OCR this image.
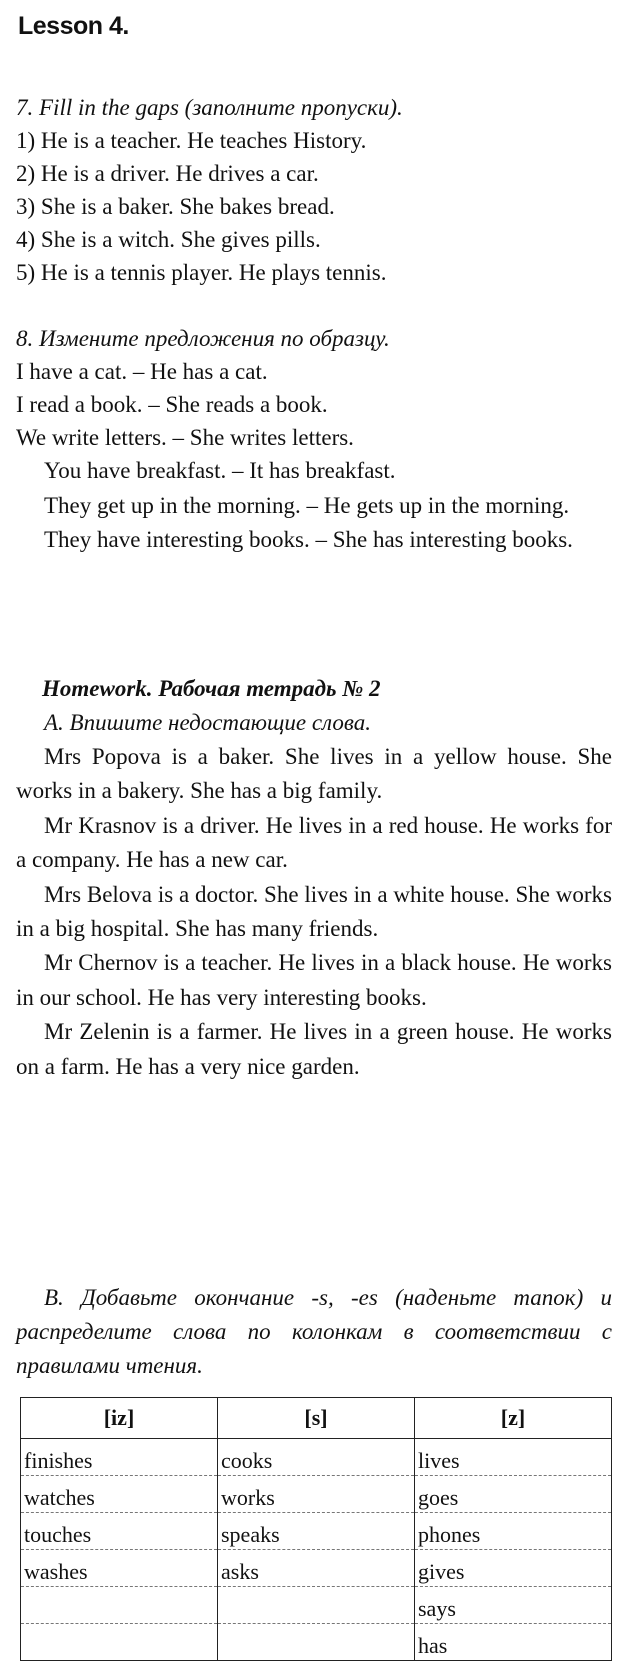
Lesson 4.
7. Fill in the gaps (заполните пропуски).
1) He is a teacher. He teaches History.
2) He is a driver. He drives a car.
3) She is a baker. She bakes bread.
4) She is a witch. She gives pills.
5) He is a tennis player. He plays tennis.
8. Измените предложения по образцу.
I have a cat. – He has a cat.
I read a book. – She reads a book.
We write letters. – She writes letters.

You have breakfast. – It has breakfast.

They get up in the morning. – He gets up in the morning.

They have interesting books. – She has interesting books.

Homework. Рабочая тетрадь № 2
A. Впишите недостающие слова.

Mrs Popova is a baker. She lives in a yellow house. She works in a bakery. She has a big family.

Mr Krasnov is a driver. He lives in a red house. He works for a company. He has a new car.

Mrs Belova is a doctor. She lives in a white house. She works in a big hospital. She has many friends.

Mr Chernov is a teacher. He lives in a black house. He works in our school. He has very interesting books.

Mr Zelenin is a farmer. He lives in a green house. He works on a farm. He has a very nice garden.

B. Добавьте окончание -s, -es (наденьте тапок) и распределите слова по колонкам в соответствии с правилами чтения.

[iz]	[s]	[z]
finishes	cooks	lives
watches	works	goes
touches	speaks	phones
washes	asks	gives
		says
		has
